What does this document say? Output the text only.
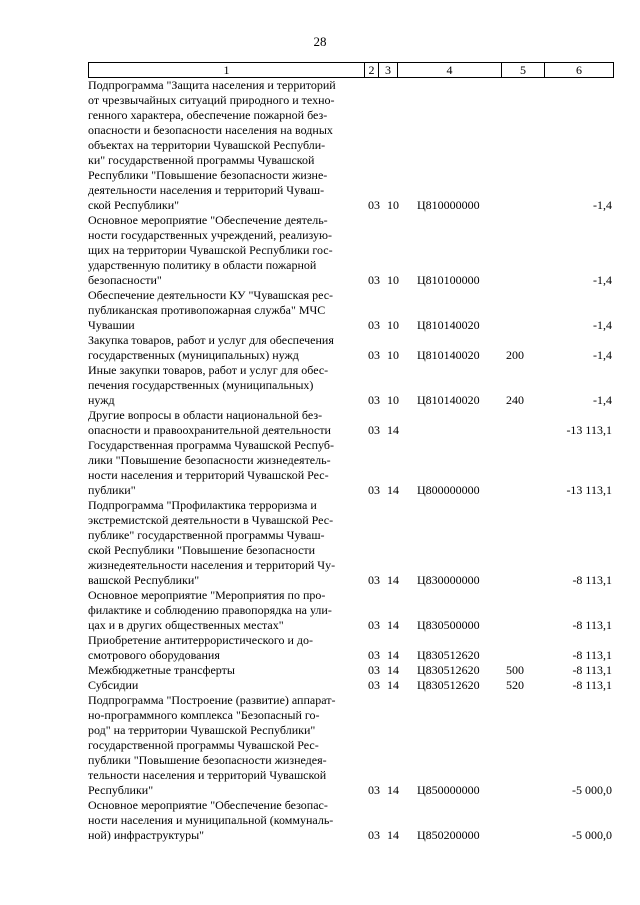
28
1	2 3	4	5	6
Подпрограмма "Защита населения и территорий
от чрезвычайных ситуаций природного и техно-
генного характера, обеспечение пожарной без-
опасности и безопасности населения на водных
объектах на территории Чувашской Республи-
ки" государственной программы Чувашской
Республики "Повышение безопасности жизне-
деятельности населения и территорий Чуваш-
ской Республики"	03 10 Ц810000000	-1,4
Основное мероприятие "Обеспечение деятель-
ности государственных учреждений, реализую-
щих на территории Чувашской Республики гос-
ударственную политику в области пожарной
безопасности"	03 10 Ц810100000	-1,4
Обеспечение деятельности КУ "Чувашская рес-
публиканская противопожарная служба" МЧС
Чувашии	03 10 Ц810140020	-1,4
Закупка товаров, работ и услуг для обеспечения
государственных (муниципальных) нужд	03 10 Ц810140020 200	-1,4
Иные закупки товаров, работ и услуг для обес-
печения государственных (муниципальных)
нужд	03 10 Ц810140020 240	-1,4
Другие вопросы в области национальной без-
опасности и правоохранительной деятельности	03 14	-13 113,1
Государственная программа Чувашской Респуб-
лики "Повышение безопасности жизнедеятель-
ности населения и территорий Чувашской Рес-
публики"	03 14 Ц800000000	-13 113,1
Подпрограмма "Профилактика терроризма и
экстремистской деятельности в Чувашской Рес-
публике" государственной программы Чуваш-
ской Республики "Повышение безопасности
жизнедеятельности населения и территорий Чу-
вашской Республики"	03 14 Ц830000000	-8 113,1
Основное мероприятие "Мероприятия по про-
филактике и соблюдению правопорядка на ули-
цах и в других общественных местах"	03 14 Ц830500000	-8 113,1
Приобретение антитеррористического и до-
смотрового оборудования	03 14 Ц830512620	-8 113,1
Межбюджетные трансферты	03 14 Ц830512620 500	-8 113,1
Субсидии	03 14 Ц830512620 520	-8 113,1
Подпрограмма "Построение (развитие) аппарат-
но-программного комплекса "Безопасный го-
род" на территории Чувашской Республики"
государственной программы Чувашской Рес-
публики "Повышение безопасности жизнедея-
тельности населения и территорий Чувашской
Республики"	03 14 Ц850000000	-5 000,0
Основное мероприятие "Обеспечение безопас-
ности населения и муниципальной (коммуналь-
ной) инфраструктуры"	03 14 Ц850200000	-5 000,0
